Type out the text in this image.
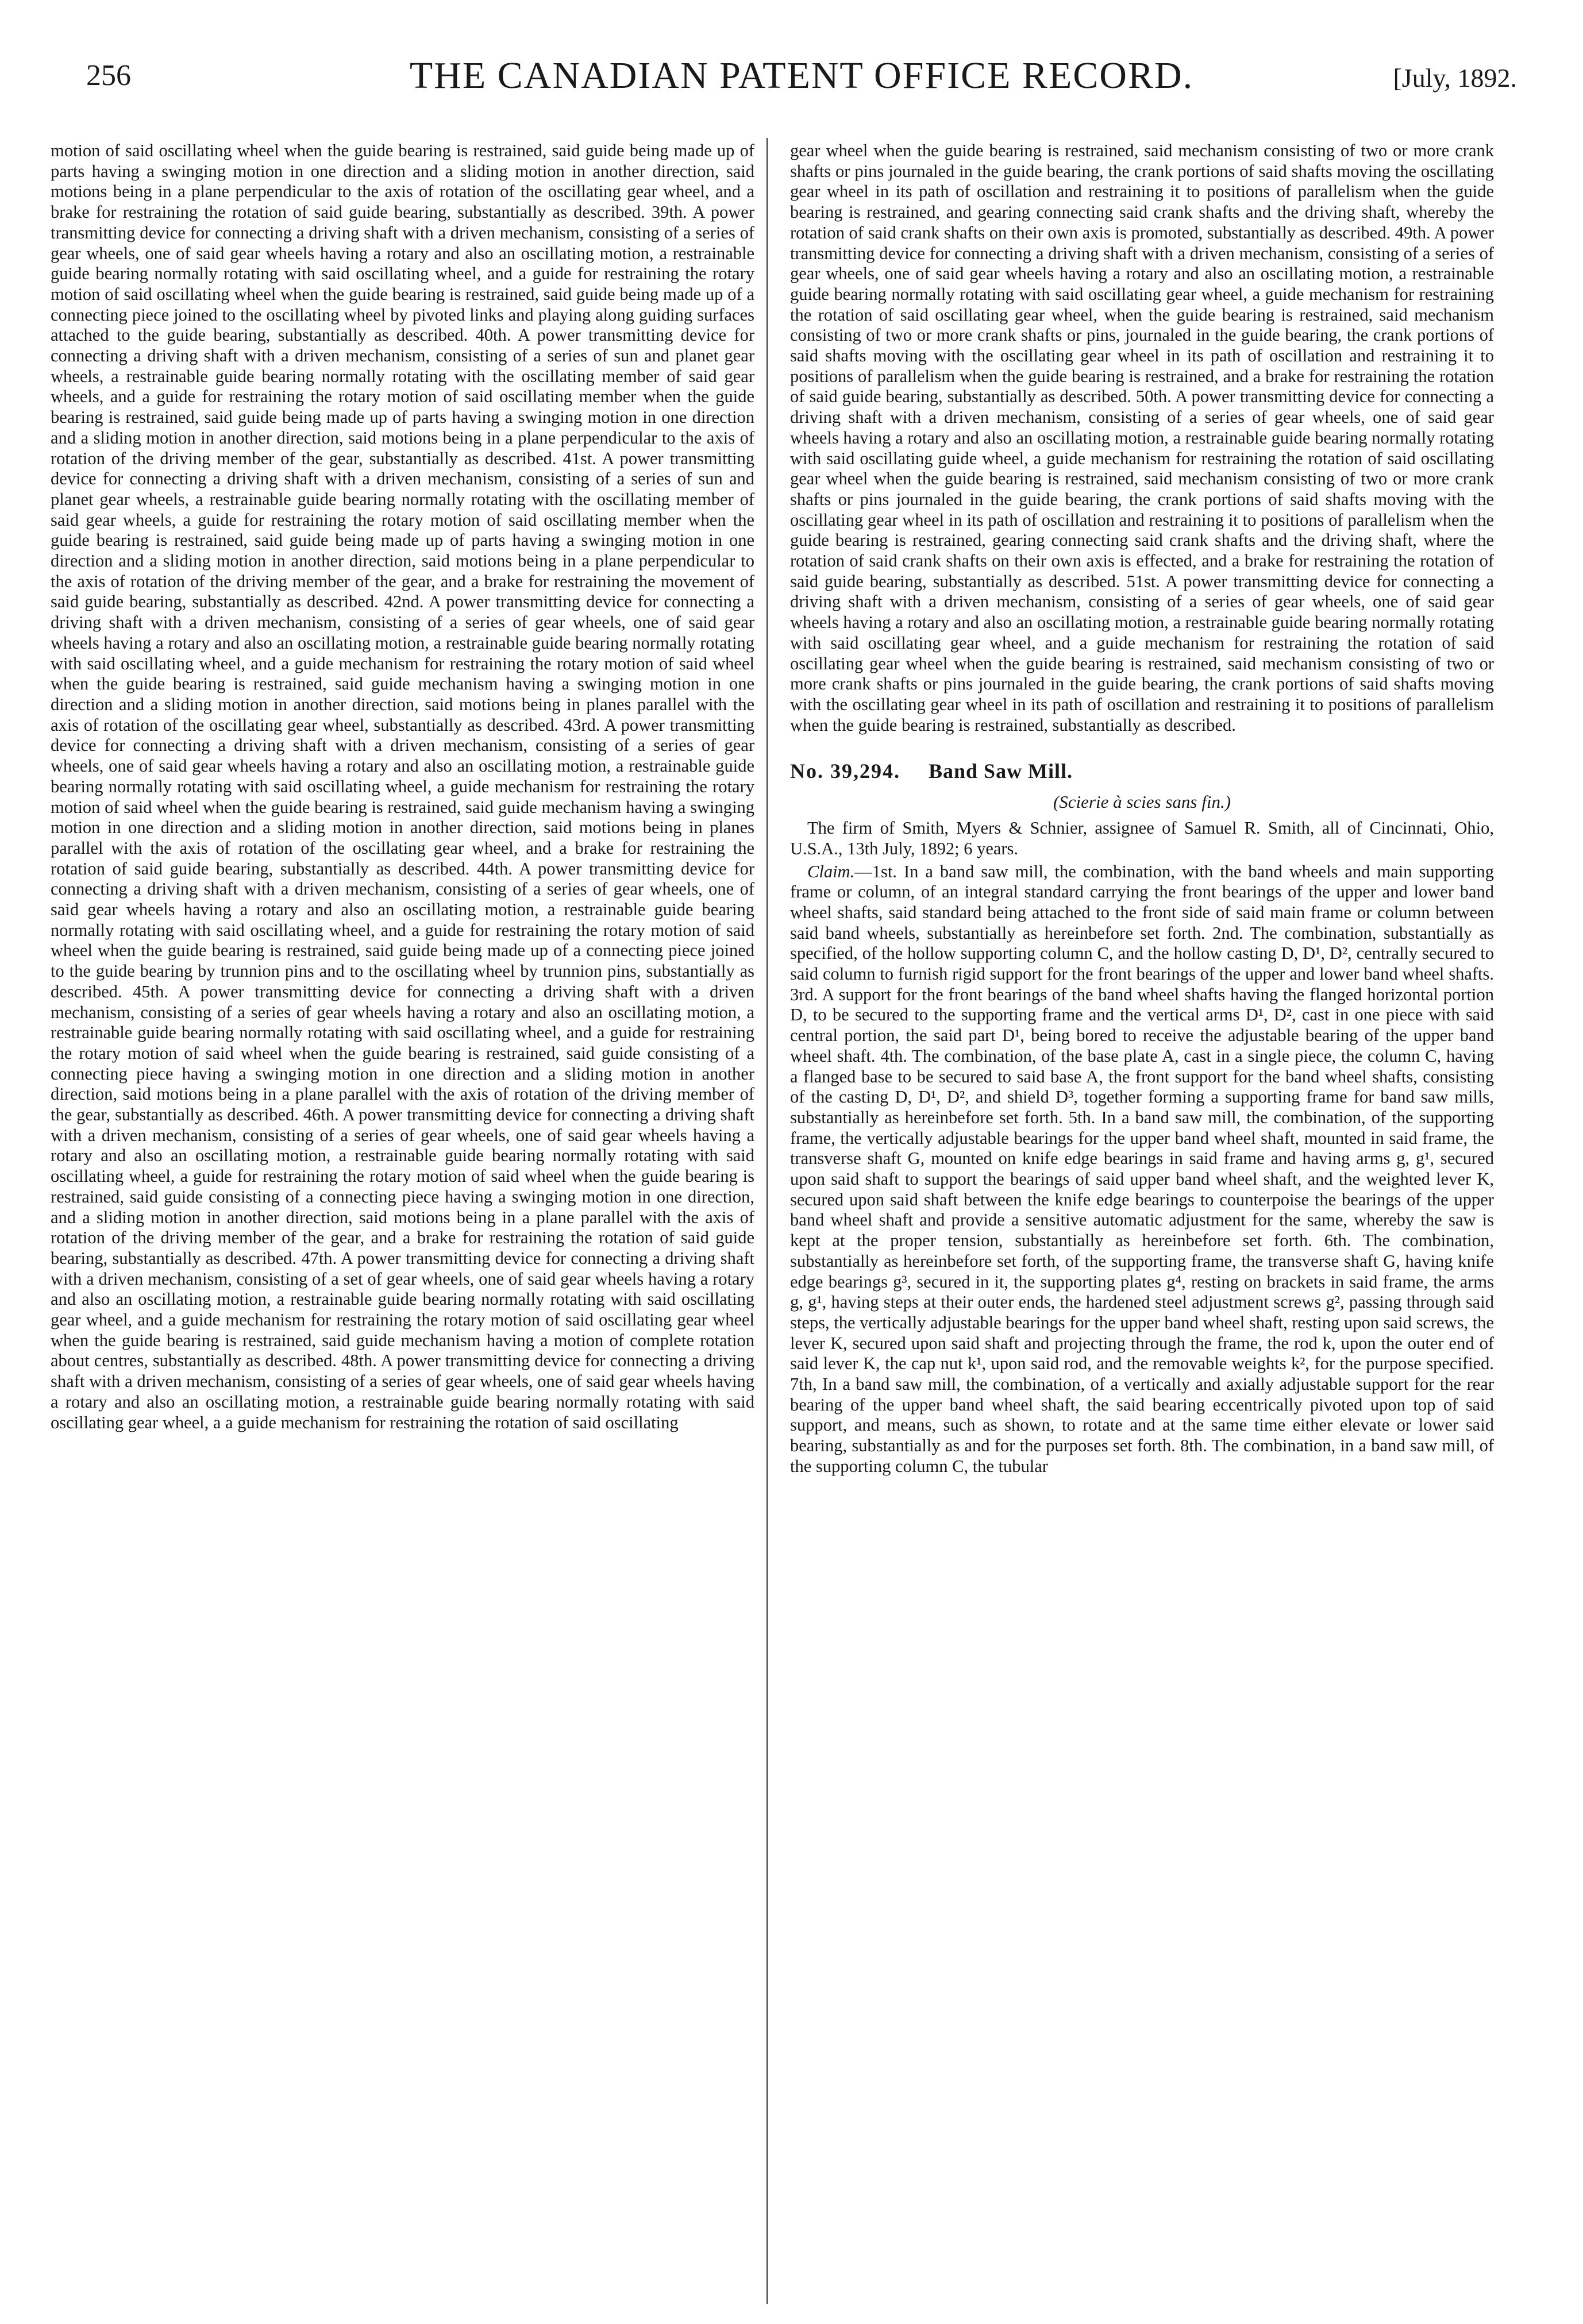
256	THE CANADIAN PATENT OFFICE RECORD.	[July, 1892.

motion of said oscillating wheel when the guide bearing is restrained, said guide being made up of parts having a swinging motion in one direction and a sliding motion in another direction, said motions being in a plane perpendicular to the axis of rotation of the oscillating gear wheel, and a brake for restraining the rotation of said guide bearing, substantially as described. 39th. A power transmitting device for connecting a driving shaft with a driven mechanism, consisting of a series of gear wheels, one of said gear wheels having a rotary and also an oscillating motion, a restrainable guide bearing normally rotating with said oscillating wheel, and a guide for restraining the rotary motion of said oscillating wheel when the guide bearing is restrained, said guide being made up of a connecting piece joined to the oscillating wheel by pivoted links and playing along guiding surfaces attached to the guide bearing, substantially as described. 40th. A power transmitting device for connecting a driving shaft with a driven mechanism, consisting of a series of sun and planet gear wheels, a restrainable guide bearing normally rotating with the oscillating member of said gear wheels, and a guide for restraining the rotary motion of said oscillating member when the guide bearing is restrained, said guide being made up of parts having a swinging motion in one direction and a sliding motion in another direction, said motions being in a plane perpendicular to the axis of rotation of the driving member of the gear, substantially as described. 41st. A power transmitting device for connecting a driving shaft with a driven mechanism, consisting of a series of sun and planet gear wheels, a restrainable guide bearing normally rotating with the oscillating member of said gear wheels, a guide for restraining the rotary motion of said oscillating member when the guide bearing is restrained, said guide being made up of parts having a swinging motion in one direction and a sliding motion in another direction, said motions being in a plane perpendicular to the axis of rotation of the driving member of the gear, and a brake for restraining the movement of said guide bearing, substantially as described. 42nd. A power transmitting device for connecting a driving shaft with a driven mechanism, consisting of a series of gear wheels, one of said gear wheels having a rotary and also an oscillating motion, a restrainable guide bearing normally rotating with said oscillating wheel, and a guide mechanism for restraining the rotary motion of said wheel when the guide bearing is restrained, said guide mechanism having a swinging motion in one direction and a sliding motion in another direction, said motions being in planes parallel with the axis of rotation of the oscillating gear wheel, substantially as described. 43rd. A power transmitting device for connecting a driving shaft with a driven mechanism, consisting of a series of gear wheels, one of said gear wheels having a rotary and also an oscillating motion, a restrainable guide bearing normally rotating with said oscillating wheel, a guide mechanism for restraining the rotary motion of said wheel when the guide bearing is restrained, said guide mechanism having a swinging motion in one direction and a sliding motion in another direction, said motions being in planes parallel with the axis of rotation of the oscillating gear wheel, and a brake for restraining the rotation of said guide bearing, substantially as described. 44th. A power transmitting device for connecting a driving shaft with a driven mechanism, consisting of a series of gear wheels, one of said gear wheels having a rotary and also an oscillating motion, a restrainable guide bearing normally rotating with said oscillating wheel, and a guide for restraining the rotary motion of said wheel when the guide bearing is restrained, said guide being made up of a connecting piece joined to the guide bearing by trunnion pins and to the oscillating wheel by trunnion pins, substantially as described. 45th. A power transmitting device for connecting a driving shaft with a driven mechanism, consisting of a series of gear wheels having a rotary and also an oscillating motion, a restrainable guide bearing normally rotating with said oscillating wheel, and a guide for restraining the rotary motion of said wheel when the guide bearing is restrained, said guide consisting of a connecting piece having a swinging motion in one direction and a sliding motion in another direction, said motions being in a plane parallel with the axis of rotation of the driving member of the gear, substantially as described. 46th. A power transmitting device for connecting a driving shaft with a driven mechanism, consisting of a series of gear wheels, one of said gear wheels having a rotary and also an oscillating motion, a restrainable guide bearing normally rotating with said oscillating wheel, a guide for restraining the rotary motion of said wheel when the guide bearing is restrained, said guide consisting of a connecting piece having a swinging motion in one direction, and a sliding motion in another direction, said motions being in a plane parallel with the axis of rotation of the driving member of the gear, and a brake for restraining the rotation of said guide bearing, substantially as described. 47th. A power transmitting device for connecting a driving shaft with a driven mechanism, consisting of a set of gear wheels, one of said gear wheels having a rotary and also an oscillating motion, a restrainable guide bearing normally rotating with said oscillating gear wheel, and a guide mechanism for restraining the rotary motion of said oscillating gear wheel when the guide bearing is restrained, said guide mechanism having a motion of complete rotation about centres, substantially as described. 48th. A power transmitting device for connecting a driving shaft with a driven mechanism, consisting of a series of gear wheels, one of said gear wheels having a rotary and also an oscillating motion, a restrainable guide bearing normally rotating with said oscillating gear wheel, a a guide mechanism for restraining the rotation of said oscillating

gear wheel when the guide bearing is restrained, said mechanism consisting of two or more crank shafts or pins journaled in the guide bearing, the crank portions of said shafts moving the oscillating gear wheel in its path of oscillation and restraining it to positions of parallelism when the guide bearing is restrained, and gearing connecting said crank shafts and the driving shaft, whereby the rotation of said crank shafts on their own axis is promoted, substantially as described. 49th. A power transmitting device for connecting a driving shaft with a driven mechanism, consisting of a series of gear wheels, one of said gear wheels having a rotary and also an oscillating motion, a restrainable guide bearing normally rotating with said oscillating gear wheel, a guide mechanism for restraining the rotation of said oscillating gear wheel, when the guide bearing is restrained, said mechanism consisting of two or more crank shafts or pins, journaled in the guide bearing, the crank portions of said shafts moving with the oscillating gear wheel in its path of oscillation and restraining it to positions of parallelism when the guide bearing is restrained, and a brake for restraining the rotation of said guide bearing, substantially as described. 50th. A power transmitting device for connecting a driving shaft with a driven mechanism, consisting of a series of gear wheels, one of said gear wheels having a rotary and also an oscillating motion, a restrainable guide bearing normally rotating with said oscillating guide wheel, a guide mechanism for restraining the rotation of said oscillating gear wheel when the guide bearing is restrained, said mechanism consisting of two or more crank shafts or pins journaled in the guide bearing, the crank portions of said shafts moving with the oscillating gear wheel in its path of oscillation and restraining it to positions of parallelism when the guide bearing is restrained, gearing connecting said crank shafts and the driving shaft, where the rotation of said crank shafts on their own axis is effected, and a brake for restraining the rotation of said guide bearing, substantially as described. 51st. A power transmitting device for connecting a driving shaft with a driven mechanism, consisting of a series of gear wheels, one of said gear wheels having a rotary and also an oscillating motion, a restrainable guide bearing normally rotating with said oscillating gear wheel, and a guide mechanism for restraining the rotation of said oscillating gear wheel when the guide bearing is restrained, said mechanism consisting of two or more crank shafts or pins journaled in the guide bearing, the crank portions of said shafts moving with the oscillating gear wheel in its path of oscillation and restraining it to positions of parallelism when the guide bearing is restrained, substantially as described.

No. 39,294. Band Saw Mill.
(Scierie à scies sans fin.)

The firm of Smith, Myers & Schnier, assignee of Samuel R. Smith, all of Cincinnati, Ohio, U.S.A., 13th July, 1892; 6 years.

Claim.—1st. In a band saw mill, the combination, with the band wheels and main supporting frame or column, of an integral standard carrying the front bearings of the upper and lower band wheel shafts, said standard being attached to the front side of said main frame or column between said band wheels, substantially as hereinbefore set forth. 2nd. The combination, substantially as specified, of the hollow supporting column C, and the hollow casting D, D¹, D², centrally secured to said column to furnish rigid support for the front bearings of the upper and lower band wheel shafts. 3rd. A support for the front bearings of the band wheel shafts having the flanged horizontal portion D, to be secured to the supporting frame and the vertical arms D¹, D², cast in one piece with said central portion, the said part D¹, being bored to receive the adjustable bearing of the upper band wheel shaft. 4th. The combination, of the base plate A, cast in a single piece, the column C, having a flanged base to be secured to said base A, the front support for the band wheel shafts, consisting of the casting D, D¹, D², and shield D³, together forming a supporting frame for band saw mills, substantially as hereinbefore set forth. 5th. In a band saw mill, the combination, of the supporting frame, the vertically adjustable bearings for the upper band wheel shaft, mounted in said frame, the transverse shaft G, mounted on knife edge bearings in said frame and having arms g, g¹, secured upon said shaft to support the bearings of said upper band wheel shaft, and the weighted lever K, secured upon said shaft between the knife edge bearings to counterpoise the bearings of the upper band wheel shaft and provide a sensitive automatic adjustment for the same, whereby the saw is kept at the proper tension, substantially as hereinbefore set forth. 6th. The combination, substantially as hereinbefore set forth, of the supporting frame, the transverse shaft G, having knife edge bearings g³, secured in it, the supporting plates g⁴, resting on brackets in said frame, the arms g, g¹, having steps at their outer ends, the hardened steel adjustment screws g², passing through said steps, the vertically adjustable bearings for the upper band wheel shaft, resting upon said screws, the lever K, secured upon said shaft and projecting through the frame, the rod k, upon the outer end of said lever K, the cap nut k¹, upon said rod, and the removable weights k², for the purpose specified. 7th, In a band saw mill, the combination, of a vertically and axially adjustable support for the rear bearing of the upper band wheel shaft, the said bearing eccentrically pivoted upon top of said support, and means, such as shown, to rotate and at the same time either elevate or lower said bearing, substantially as and for the purposes set forth. 8th. The combination, in a band saw mill, of the supporting column C, the tubular
